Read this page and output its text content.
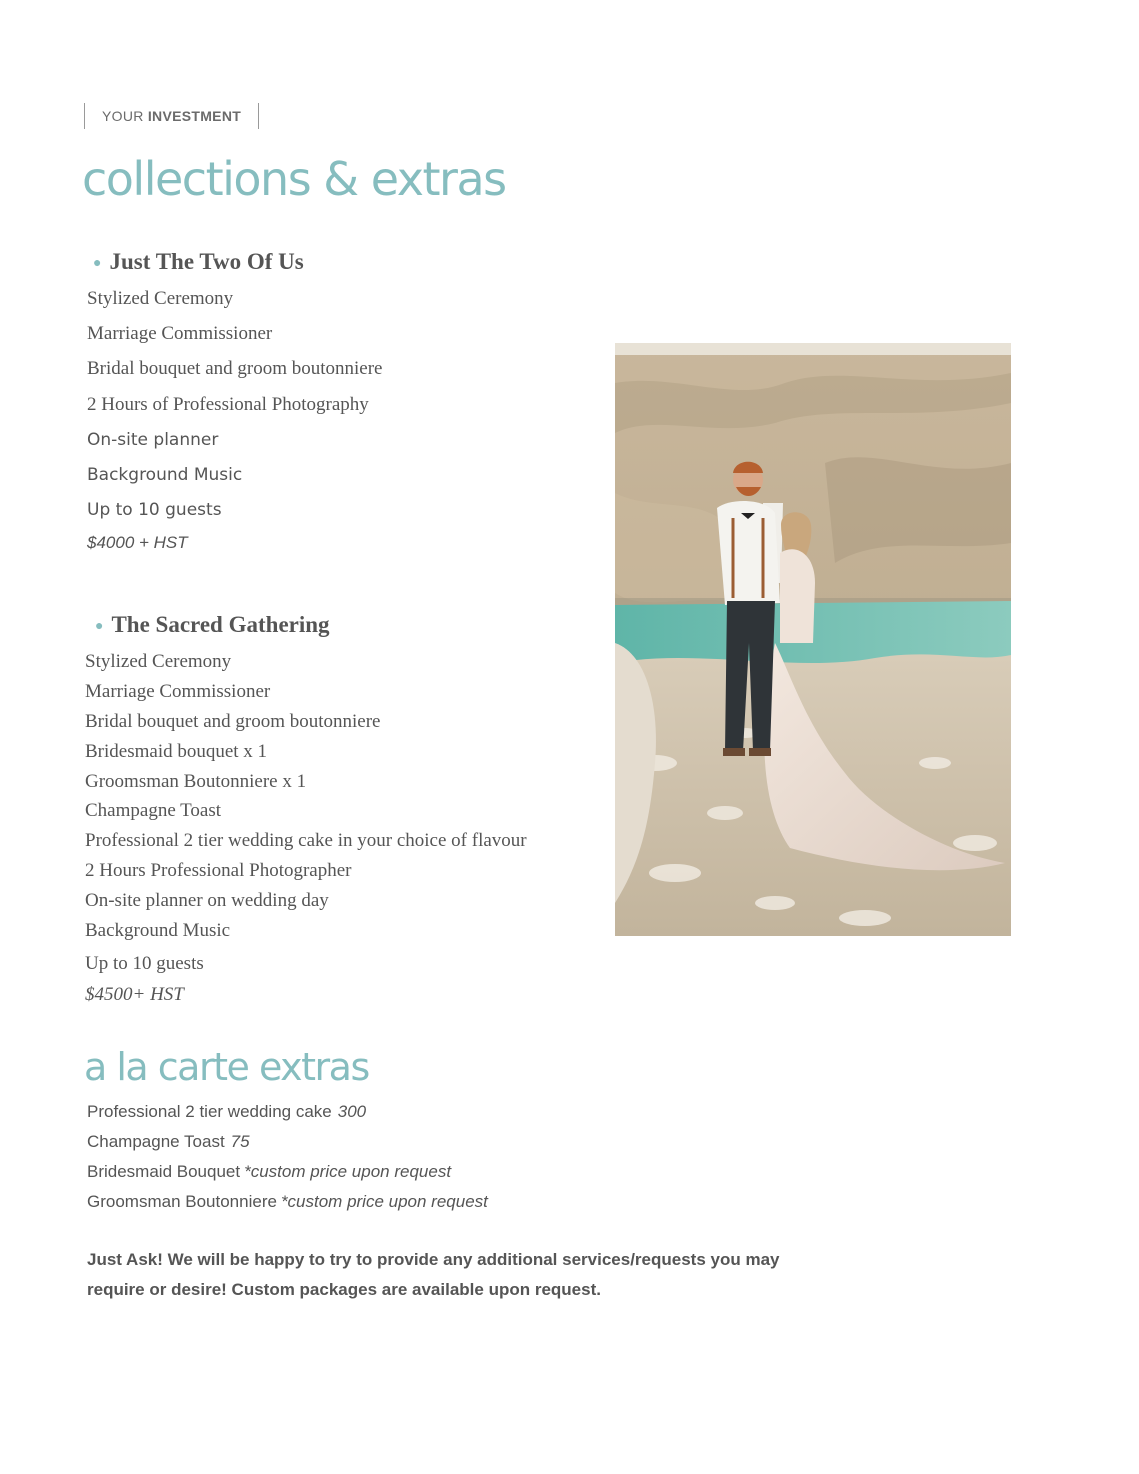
YOUR INVESTMENT
collections & extras
● Just The Two Of Us
Stylized Ceremony
Marriage Commissioner
Bridal bouquet and groom boutonniere
2 Hours of Professional Photography
On-site planner
Background Music
Up to 10 guests
$4000 + HST
● The Sacred Gathering
Stylized Ceremony
Marriage Commissioner
Bridal bouquet and groom boutonniere
Bridesmaid bouquet x 1
Groomsman Boutonniere x 1
Champagne Toast
Professional 2 tier wedding cake in your choice of flavour
2 Hours Professional Photographer
On-site planner on wedding day
Background Music
Up to 10 guests
$4500+ HST
a la carte extras
Professional 2 tier wedding cake 300
Champagne Toast 75
Bridesmaid Bouquet *custom price upon request
Groomsman Boutonniere *custom price upon request

Just Ask! We will be happy to try to provide any additional services/requests you may require or desire! Custom packages are available upon request.
